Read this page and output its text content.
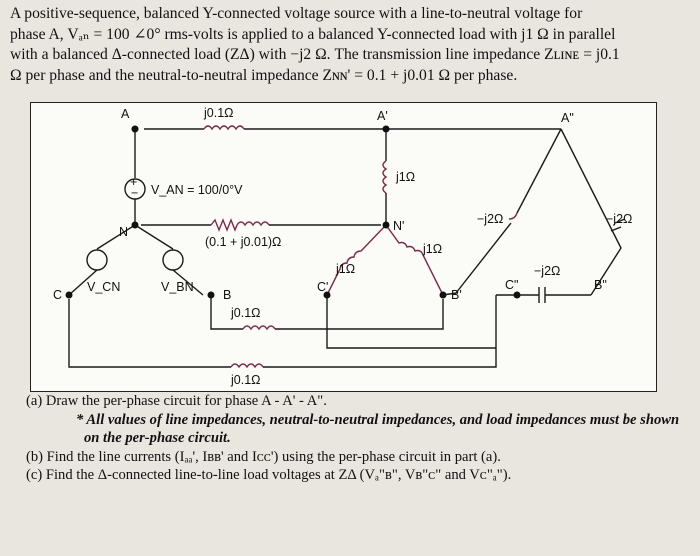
A positive-sequence, balanced Y-connected voltage source with a line-to-neutral voltage for

phase A, Vₐₙ = 100 ∠0° rms-volts is applied to a balanced Y-connected load with j1 Ω in parallel

with a balanced Δ-connected load (ZΔ) with −j2 Ω. The transmission line impedance Zʟɪɴᴇ = j0.1

Ω per phase and the neutral-to-neutral impedance Zɴɴ' = 0.1 + j0.01 Ω per phase.

+
−
A
N
C	B
A'
N'
B'
C'
A"
B"
C"
j0.1Ω
j0.1Ω
j0.1Ω
(0.1 + j0.01)Ω
V_AN = 100/0°V
V_BN
V_CN
j1Ω
j1Ω
j1Ω
−j2Ω	−j2Ω
−j2Ω

(a) Draw the per-phase circuit for phase A - A' - A".

* All values of line impedances, neutral-to-neutral impedances, and load impedances must be shown on the per-phase circuit.

(b) Find the line currents (Iₐₐ', Iʙʙ' and Iᴄᴄ') using the per-phase circuit in part (a).

(c) Find the Δ-connected line-to-line load voltages at ZΔ (Vₐ"ʙ", Vʙ"ᴄ" and Vᴄ"ₐ").
